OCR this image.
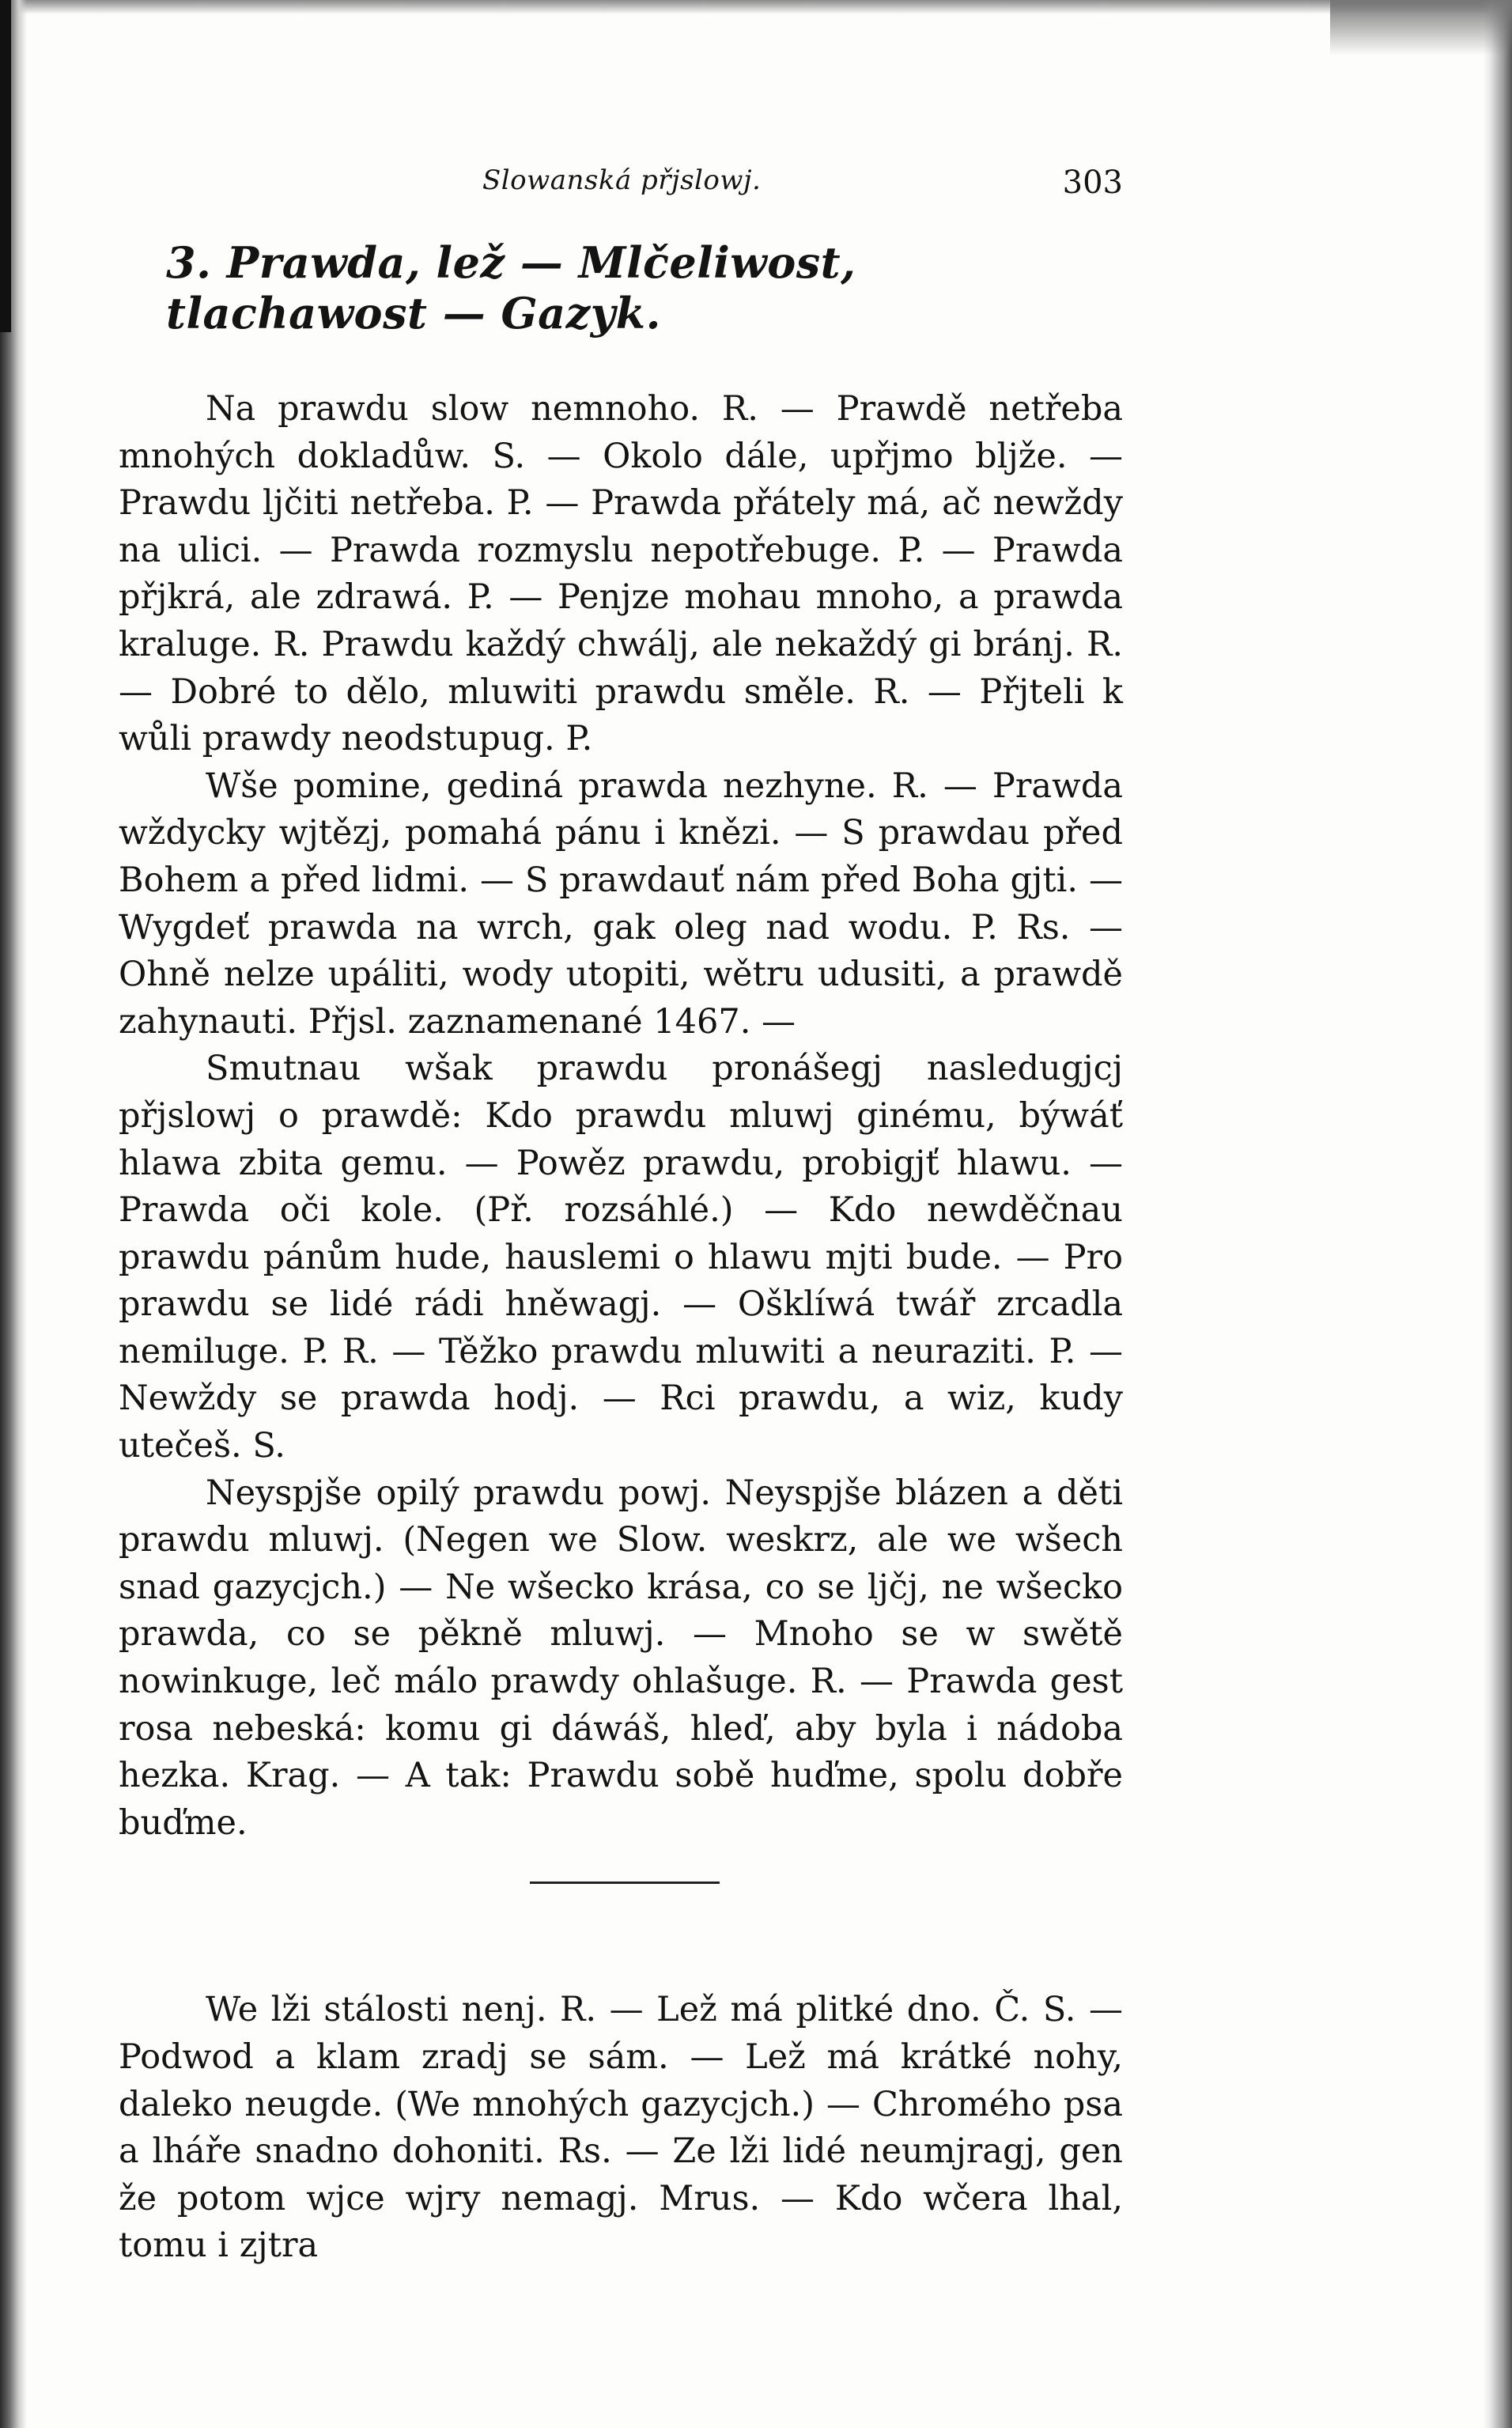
Slowanská přjslowj.	303
3. Prawda, lež — Mlčeliwost, tlachawost — Gazyk.

Na prawdu slow nemnoho. R. — Prawdě netřeba mnohých dokladůw. S. — Okolo dále, upřjmo bljže. — Prawdu ljčiti netřeba. P. — Prawda přátely má, ač newždy na ulici. — Prawda rozmyslu nepotřebuge. P. — Prawda přjkrá, ale zdrawá. P. — Penjze mohau mnoho, a prawda kraluge. R. Prawdu každý chwálj, ale nekaždý gi bránj. R. — Dobré to dělo, mluwiti prawdu směle. R. — Přjteli k wůli prawdy neodstupug. P.

Wše pomine, gediná prawda nezhyne. R. — Prawda wždycky wjtězj, pomahá pánu i knězi. — S prawdau před Bohem a před lidmi. — S prawdauť nám před Boha gjti. — Wygdeť prawda na wrch, gak oleg nad wodu. P. Rs. — Ohně nelze upáliti, wody utopiti, wětru udusiti, a prawdě zahynauti. Přjsl. zaznamenané 1467. —

Smutnau wšak prawdu pronášegj nasledugjcj přjslowj o prawdě: Kdo prawdu mluwj ginému, býwáť hlawa zbita gemu. — Powěz prawdu, probigjť hlawu. — Prawda oči kole. (Př. rozsáhlé.) — Kdo newděčnau prawdu pánům hude, hauslemi o hlawu mjti bude. — Pro prawdu se lidé rádi hněwagj. — Ošklíwá twář zrcadla nemiluge. P. R. — Těžko prawdu mluwiti a neuraziti. P. — Newždy se prawda hodj. — Rci prawdu, a wiz, kudy utečeš. S.

Neyspjše opilý prawdu powj. Neyspjše blázen a děti prawdu mluwj. (Negen we Slow. weskrz, ale we wšech snad gazycjch.) — Ne wšecko krása, co se ljčj, ne wšecko prawda, co se pěkně mluwj. — Mnoho se w swětě nowinkuge, leč málo prawdy ohlašuge. R. — Prawda gest rosa nebeská: komu gi dáwáš, hleď, aby byla i nádoba hezka. Krag. — A tak: Prawdu sobě huďme, spolu dobře buďme.

We lži stálosti nenj. R. — Lež má plitké dno. Č. S. — Podwod a klam zradj se sám. — Lež má krátké nohy, daleko neugde. (We mnohých gazycjch.) — Chromého psa a lháře snadno dohoniti. Rs. — Ze lži lidé neumjragj, gen že potom wjce wjry nemagj. Mrus. — Kdo wčera lhal, tomu i zjtra
